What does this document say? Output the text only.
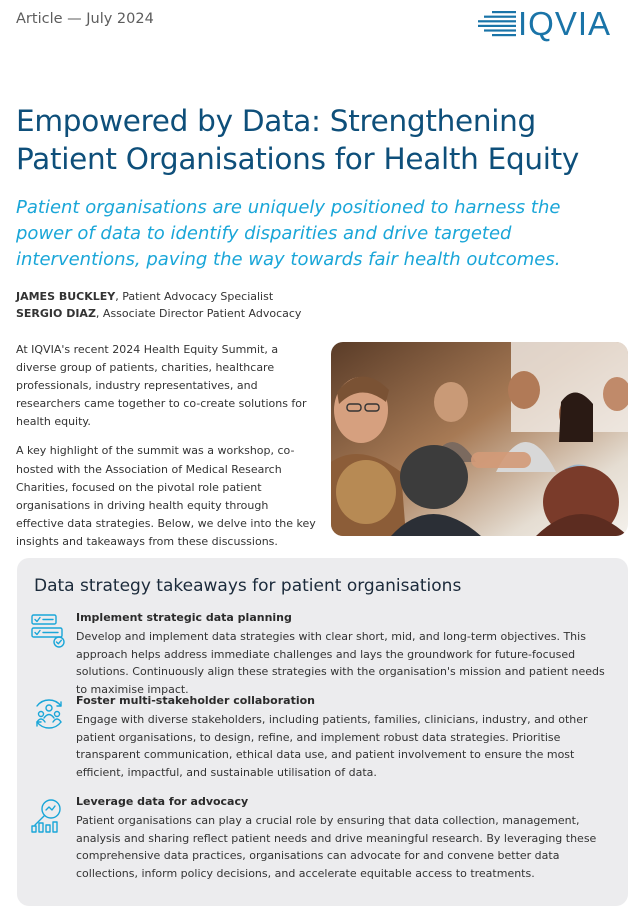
Article — July 2024	IQVIA
Empowered by Data: Strengthening Patient Organisations for Health Equity

Patient organisations are uniquely positioned to harness the power of data to identify disparities and drive targeted interventions, paving the way towards fair health outcomes.

JAMES BUCKLEY, Patient Advocacy Specialist
SERGIO DIAZ, Associate Director Patient Advocacy

At IQVIA's recent 2024 Health Equity Summit, a diverse group of patients, charities, healthcare professionals, industry representatives, and researchers came together to co-create solutions for health equity.

A key highlight of the summit was a workshop, co-hosted with the Association of Medical Research Charities, focused on the pivotal role patient organisations in driving health equity through effective data strategies. Below, we delve into the key insights and takeaways from these discussions.

Data strategy takeaways for patient organisations
Implement strategic data planning

Develop and implement data strategies with clear short, mid, and long-term objectives. This approach helps address immediate challenges and lays the groundwork for future-focused solutions. Continuously align these strategies with the organisation's mission and patient needs to maximise impact.

Foster multi-stakeholder collaboration

Engage with diverse stakeholders, including patients, families, clinicians, industry, and other patient organisations, to design, refine, and implement robust data strategies. Prioritise transparent communication, ethical data use, and patient involvement to ensure the most efficient, impactful, and sustainable utilisation of data.

Leverage data for advocacy

Patient organisations can play a crucial role by ensuring that data collection, management, analysis and sharing reflect patient needs and drive meaningful research. By leveraging these comprehensive data practices, organisations can advocate for and convene better data collections, inform policy decisions, and accelerate equitable access to treatments.
